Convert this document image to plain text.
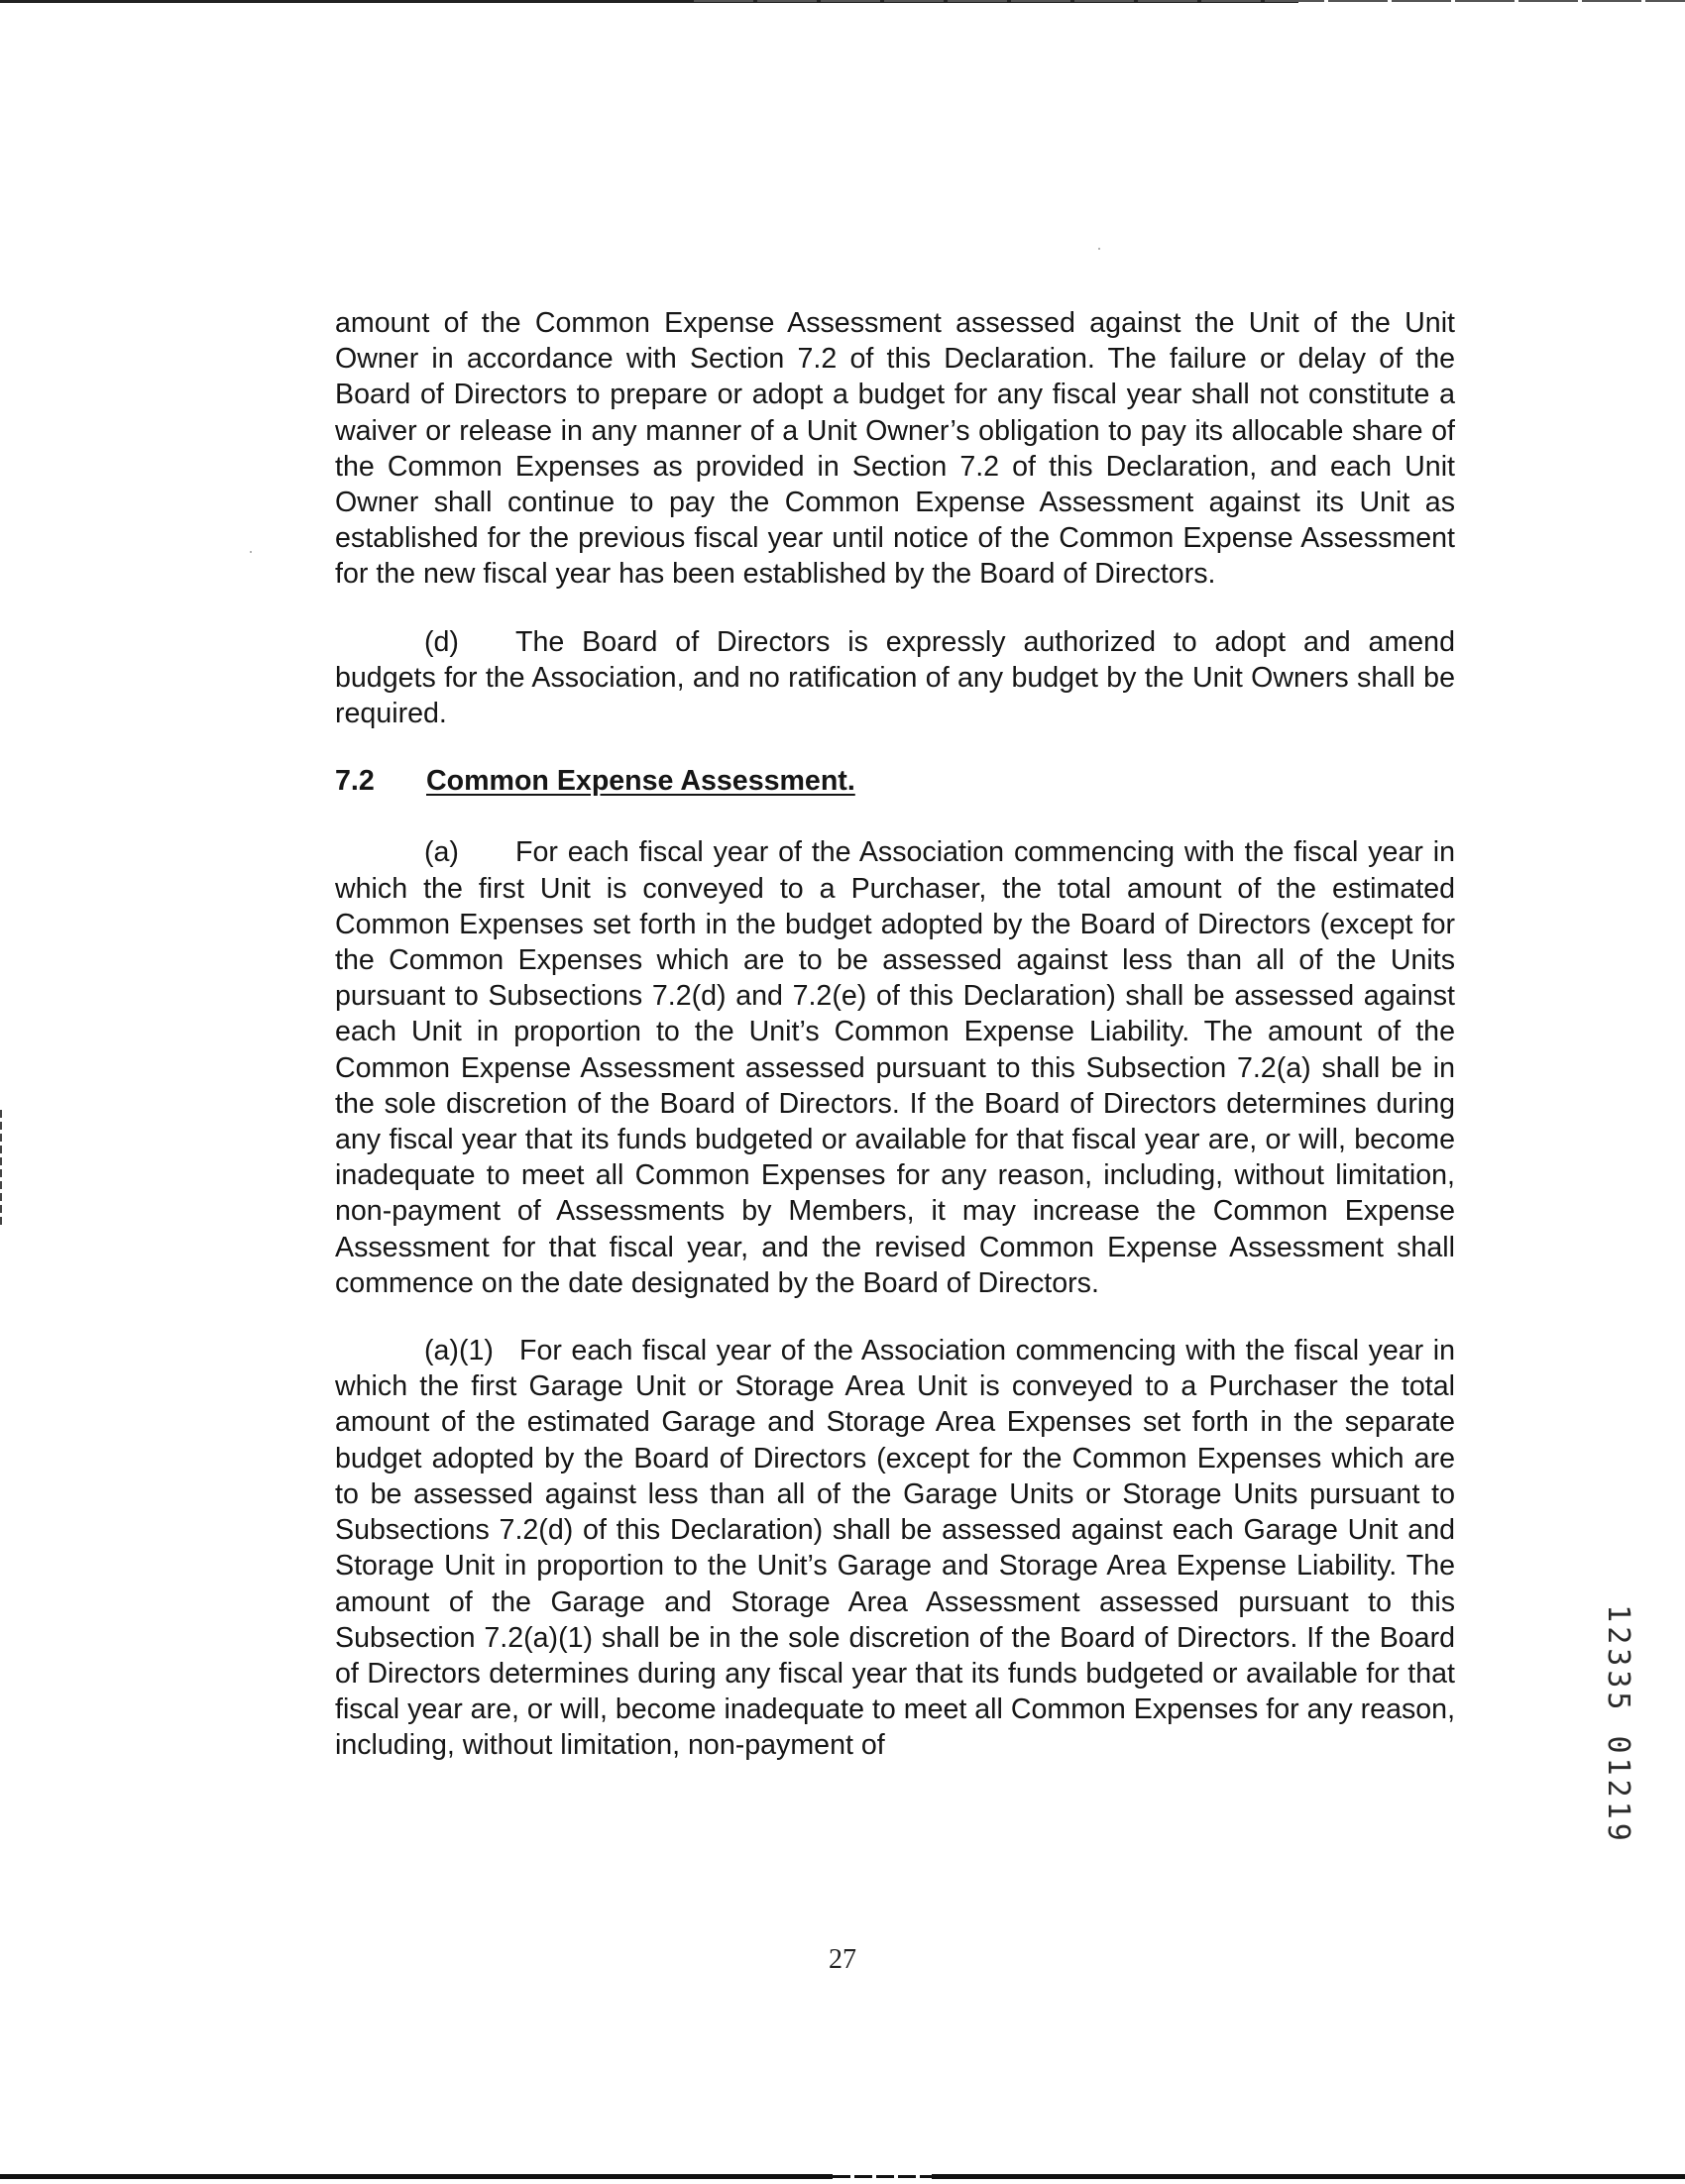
amount of the Common Expense Assessment assessed against the Unit of the Unit Owner in accordance with Section 7.2 of this Declaration. The failure or delay of the Board of Directors to prepare or adopt a budget for any fiscal year shall not constitute a waiver or release in any manner of a Unit Owner’s obligation to pay its allocable share of the Common Expenses as provided in Section 7.2 of this Declaration, and each Unit Owner shall continue to pay the Common Expense Assessment against its Unit as established for the previous fiscal year until notice of the Common Expense Assessment for the new fiscal year has been established by the Board of Directors.

(d) The Board of Directors is expressly authorized to adopt and amend budgets for the Association, and no ratification of any budget by the Unit Owners shall be required.

7.2 Common Expense Assessment.

(a) For each fiscal year of the Association commencing with the fiscal year in which the first Unit is conveyed to a Purchaser, the total amount of the estimated Common Expenses set forth in the budget adopted by the Board of Directors (except for the Common Expenses which are to be assessed against less than all of the Units pursuant to Subsections 7.2(d) and 7.2(e) of this Declaration) shall be assessed against each Unit in proportion to the Unit’s Common Expense Liability. The amount of the Common Expense Assessment assessed pursuant to this Subsection 7.2(a) shall be in the sole discretion of the Board of Directors. If the Board of Directors determines during any fiscal year that its funds budgeted or available for that fiscal year are, or will, become inadequate to meet all Common Expenses for any reason, including, without limitation, non-payment of Assessments by Members, it may increase the Common Expense Assessment for that fiscal year, and the revised Common Expense Assessment shall commence on the date designated by the Board of Directors.

(a)(1) For each fiscal year of the Association commencing with the fiscal year in which the first Garage Unit or Storage Area Unit is conveyed to a Purchaser the total amount of the estimated Garage and Storage Area Expenses set forth in the separate budget adopted by the Board of Directors (except for the Common Expenses which are to be assessed against less than all of the Garage Units or Storage Units pursuant to Subsections 7.2(d) of this Declaration) shall be assessed against each Garage Unit and Storage Unit in proportion to the Unit’s Garage and Storage Area Expense Liability. The amount of the Garage and Storage Area Assessment assessed pursuant to this Subsection 7.2(a)(1) shall be in the sole discretion of the Board of Directors. If the Board of Directors determines during any fiscal year that its funds budgeted or available for that fiscal year are, or will, become inadequate to meet all Common Expenses for any reason, including, without limitation, non-payment of

27
12335 01219
